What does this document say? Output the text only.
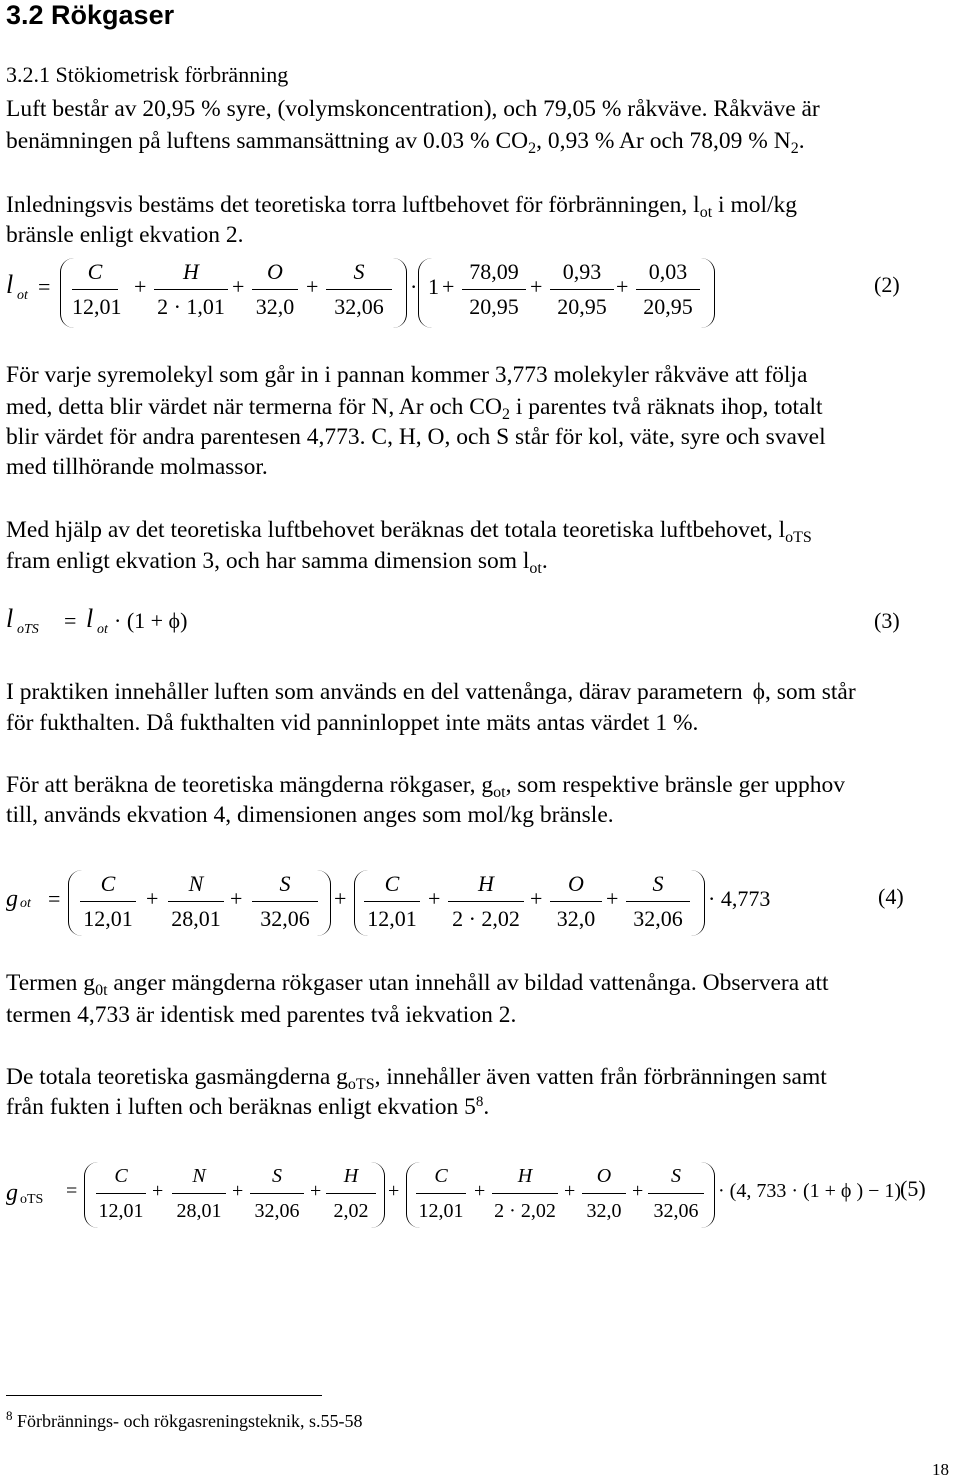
3.2 Rökgaser
3.2.1 Stökiometrisk förbränning
Luft består av 20,95 % syre, (volymskoncentration), och 79,05 % råkväve. Råkväve är
benämningen på luftens sammansättning av 0.03 % $CO_2$, 0,93 % Ar och 78,09 % $N_2$.
Inledningsvis bestäms det teoretiska torra luftbehovet för förbränningen, $l_{ot}$ i mol/kg
bränsle enligt ekvation 2.
l ot =
C
12,01
+
H
2 · 1,01
+
O
32,0
+
S
32,06
· 1 +
78,09
20,95
+
0,93
20,95
+
0,03
20,95
(2)
För varje syremolekyl som går in i pannan kommer 3,773 molekyler råkväve att följa
med, detta blir värdet när termerna för N, Ar och $CO_2$ i parentes två räknats ihop, totalt
blir värdet för andra parentesen 4,773. C, H, O, och S står för kol, väte, syre och svavel
med tillhörande molmassor.
Med hjälp av det teoretiska luftbehovet beräknas det totala teoretiska luftbehovet, $l_{oTS}$
fram enligt ekvation 3, och har samma dimension som $l_{ot}$.
l oTS = l ot · (1 + ϕ)	(3)
I praktiken innehåller luften som används en del vattenånga, därav parametern ϕ, som står
för fukthalten. Då fukthalten vid panninloppet inte mäts antas värdet 1 %.
För att beräkna de teoretiska mängderna rökgaser, $g_{ot}$, som respektive bränsle ger upphov
till, används ekvation 4, dimensionen anges som mol/kg bränsle.
g ot =
C
12,01
+
N
28,01
+
S
32,06
+
C
12,01
+
H
2 · 2,02
+
O
32,0
+
S
32,06
· 4,773	(4)
Termen $g_{0t}$ anger mängderna rökgaser utan innehåll av bildad vattenånga. Observera att
termen 4,733 är identisk med parentes två iekvation 2.
De totala teoretiska gasmängderna $g_{oTS}$, innehåller även vatten från förbränningen samt
från fukten i luften och beräknas enligt ekvation $5^8$.
g oTS =
C
12,01
+
N
28,01
+
S
32,06
+
H
2,02
+
C
12,01
+
H
2 · 2,02
+
O
32,0
+
S
32,06
· (4, 733 · (1 + ϕ ) − 1)
(5)
$^8$ Förbrännings- och rökgasreningsteknik, s.55-58
18
